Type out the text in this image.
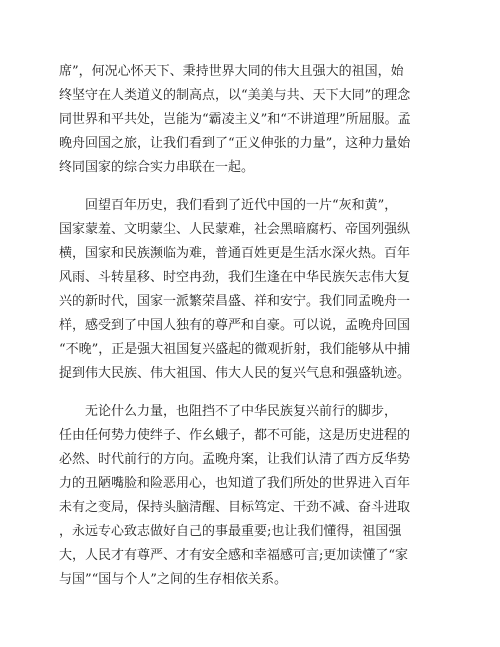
席”，何况心怀天下、秉持世界大同的伟大且强大的祖国，始
终坚守在人类道义的制高点，以“美美与共、天下大同”的理念
同世界和平共处，岂能为“霸凌主义”和“不讲道理”所屈服。孟
晚舟回国之旅，让我们看到了“正义伸张的力量”，这种力量始
终同国家的综合实力串联在一起。
　　回望百年历史，我们看到了近代中国的一片“灰和黄”，
国家蒙羞、文明蒙尘、人民蒙难，社会黑暗腐朽、帝国列强纵
横，国家和民族濒临为难，普通百姓更是生活水深火热。百年
风雨、斗转星移、时空冉劲，我们生逢在中华民族矢志伟大复
兴的新时代，国家一派繁荣昌盛、祥和安宁。我们同孟晚舟一
样，感受到了中国人独有的尊严和自豪。可以说，孟晚舟回国
“不晚”，正是强大祖国复兴盛起的微观折射，我们能够从中捕
捉到伟大民族、伟大祖国、伟大人民的复兴气息和强盛轨迹。
　　无论什么力量，也阻挡不了中华民族复兴前行的脚步，
任由任何势力使绊子、作幺蛾子，都不可能，这是历史进程的
必然、时代前行的方向。孟晚舟案，让我们认清了西方反华势
力的丑陋嘴脸和险恶用心，也知道了我们所处的世界进入百年
未有之变局，保持头脑清醒、目标笃定、干劲不减、奋斗进取
，永远专心致志做好自己的事最重要;也让我们懂得，祖国强
大，人民才有尊严、才有安全感和幸福感可言;更加读懂了“家
与国”“国与个人”之间的生存相依关系。
